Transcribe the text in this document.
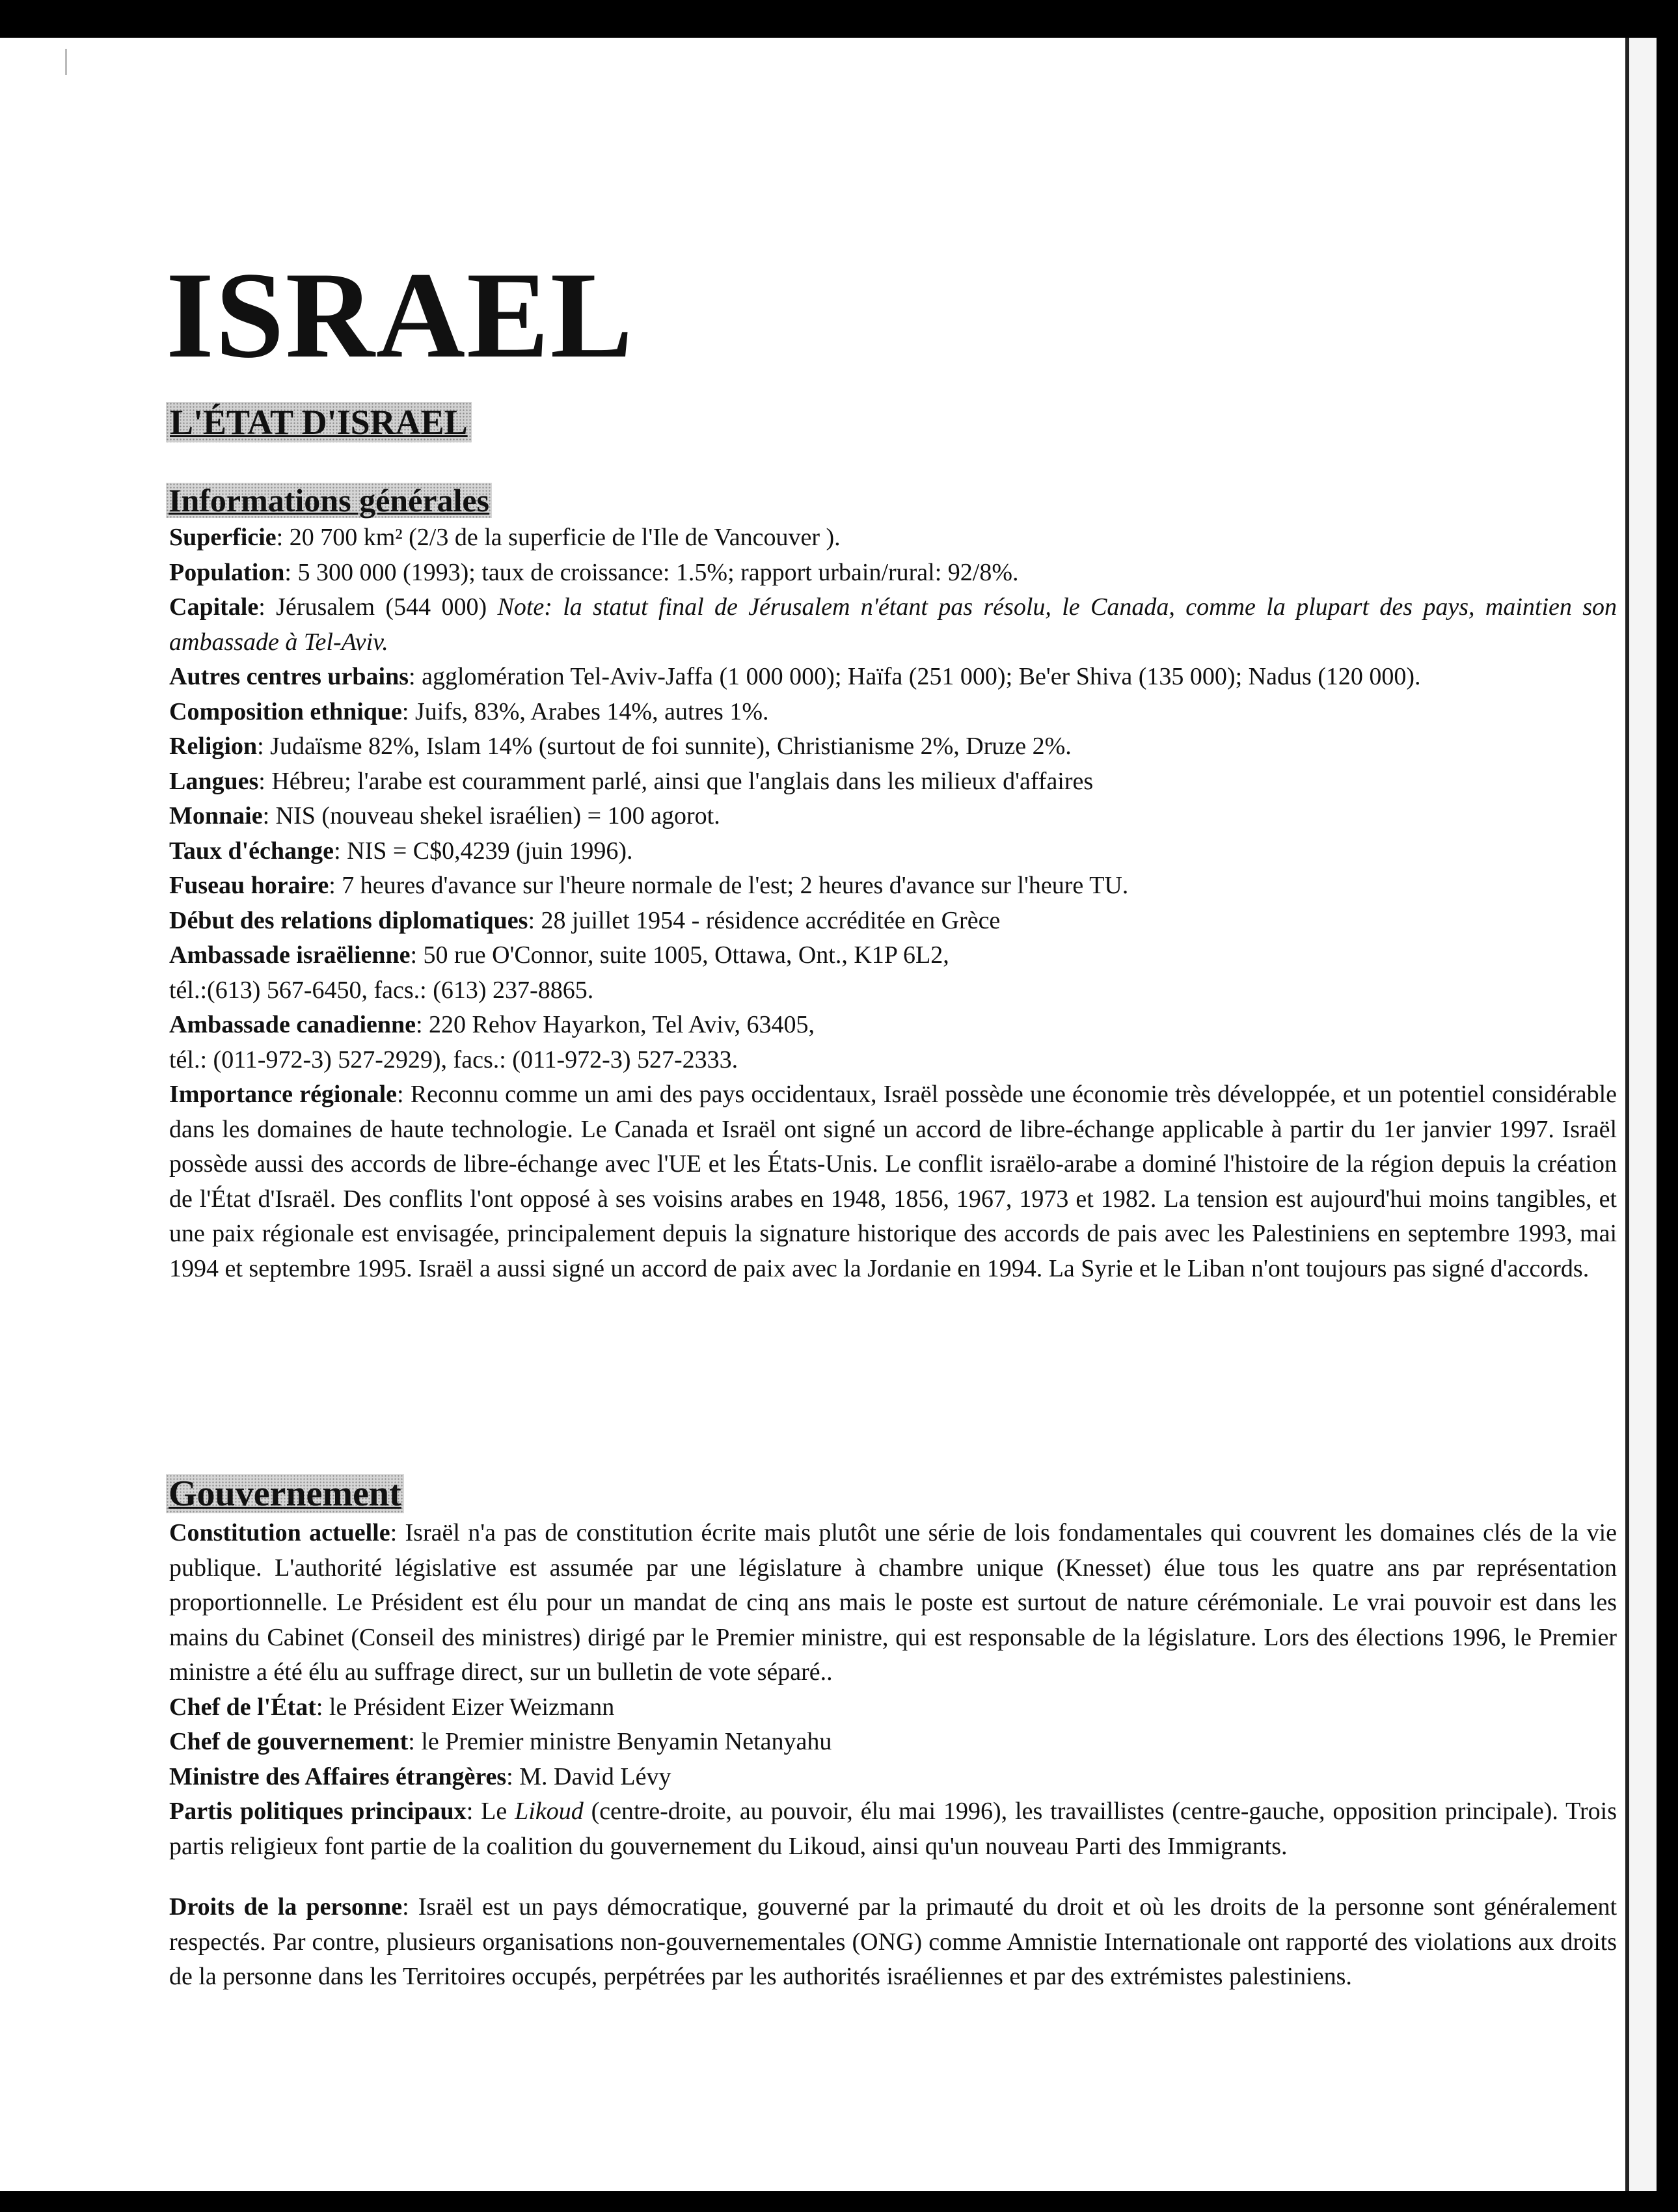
ISRAEL
L'ÉTAT D'ISRAEL
Informations générales

Superficie: 20 700 km² (2/3 de la superficie de l'Ile de Vancouver ).

Population: 5 300 000 (1993); taux de croissance: 1.5%; rapport urbain/rural: 92/8%.

Capitale: Jérusalem (544 000) Note: la statut final de Jérusalem n'étant pas résolu, le Canada, comme la plupart des pays, maintien son ambassade à Tel-Aviv.

Autres centres urbains: agglomération Tel-Aviv-Jaffa (1 000 000); Haïfa (251 000); Be'er Shiva (135 000); Nadus (120 000).

Composition ethnique: Juifs, 83%, Arabes 14%, autres 1%.

Religion: Judaïsme 82%, Islam 14% (surtout de foi sunnite), Christianisme 2%, Druze 2%.

Langues: Hébreu; l'arabe est couramment parlé, ainsi que l'anglais dans les milieux d'affaires

Monnaie: NIS (nouveau shekel israélien) = 100 agorot.

Taux d'échange: NIS = C$0,4239 (juin 1996).

Fuseau horaire: 7 heures d'avance sur l'heure normale de l'est; 2 heures d'avance sur l'heure TU.

Début des relations diplomatiques: 28 juillet 1954 - résidence accréditée en Grèce

Ambassade israëlienne: 50 rue O'Connor, suite 1005, Ottawa, Ont., K1P 6L2,
tél.:(613) 567-6450, facs.: (613) 237-8865.

Ambassade canadienne: 220 Rehov Hayarkon, Tel Aviv, 63405,
tél.: (011-972-3) 527-2929), facs.: (011-972-3) 527-2333.

Importance régionale: Reconnu comme un ami des pays occidentaux, Israël possède une économie très développée, et un potentiel considérable dans les domaines de haute technologie. Le Canada et Israël ont signé un accord de libre-échange applicable à partir du 1er janvier 1997. Israël possède aussi des accords de libre-échange avec l'UE et les États-Unis. Le conflit israëlo-arabe a dominé l'histoire de la région depuis la création de l'État d'Israël. Des conflits l'ont opposé à ses voisins arabes en 1948, 1856, 1967, 1973 et 1982. La tension est aujourd'hui moins tangibles, et une paix régionale est envisagée, principalement depuis la signature historique des accords de pais avec les Palestiniens en septembre 1993, mai 1994 et septembre 1995. Israël a aussi signé un accord de paix avec la Jordanie en 1994. La Syrie et le Liban n'ont toujours pas signé d'accords.

Gouvernement

Constitution actuelle: Israël n'a pas de constitution écrite mais plutôt une série de lois fondamentales qui couvrent les domaines clés de la vie publique. L'authorité législative est assumée par une législature à chambre unique (Knesset) élue tous les quatre ans par représentation proportionnelle. Le Président est élu pour un mandat de cinq ans mais le poste est surtout de nature cérémoniale. Le vrai pouvoir est dans les mains du Cabinet (Conseil des ministres) dirigé par le Premier ministre, qui est responsable de la législature. Lors des élections 1996, le Premier ministre a été élu au suffrage direct, sur un bulletin de vote séparé..

Chef de l'État: le Président Eizer Weizmann

Chef de gouvernement: le Premier ministre Benyamin Netanyahu

Ministre des Affaires étrangères: M. David Lévy

Partis politiques principaux: Le Likoud (centre-droite, au pouvoir, élu mai 1996), les travaillistes (centre-gauche, opposition principale). Trois partis religieux font partie de la coalition du gouvernement du Likoud, ainsi qu'un nouveau Parti des Immigrants.

Droits de la personne: Israël est un pays démocratique, gouverné par la primauté du droit et où les droits de la personne sont généralement respectés. Par contre, plusieurs organisations non-gouvernementales (ONG) comme Amnistie Internationale ont rapporté des violations aux droits de la personne dans les Territoires occupés, perpétrées par les authorités israéliennes et par des extrémistes palestiniens.
